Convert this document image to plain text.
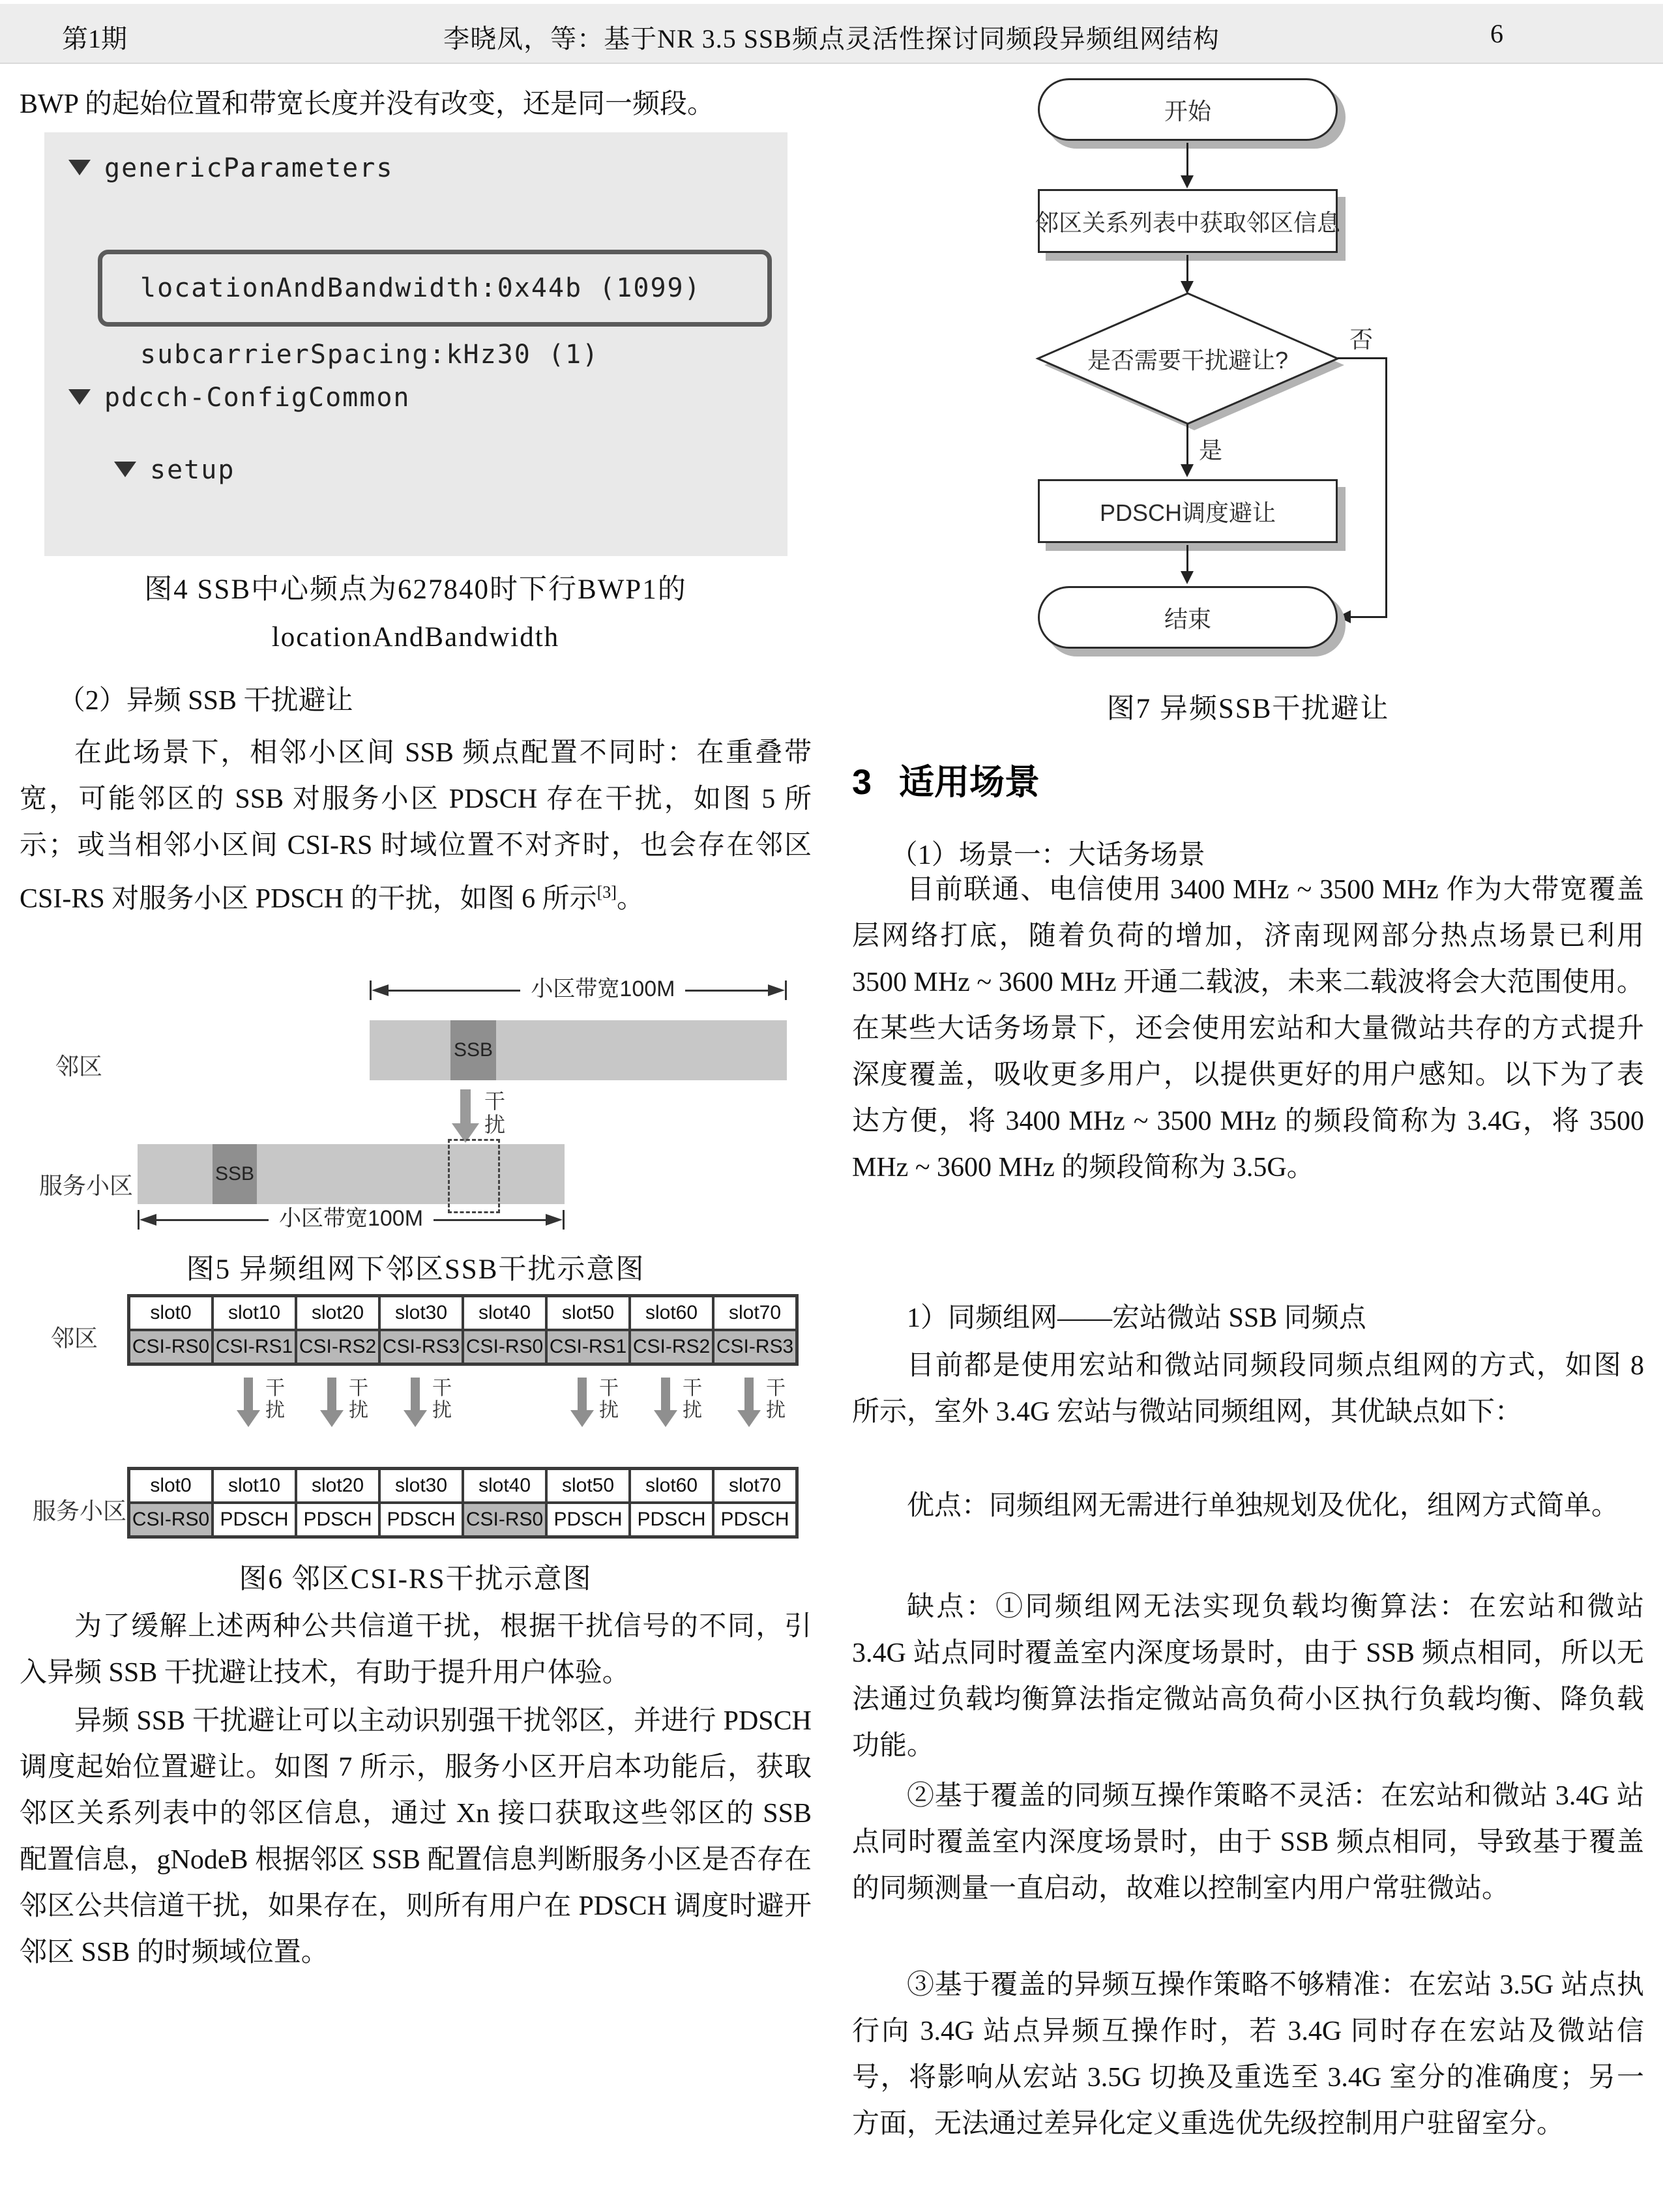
第1期	李晓凤，等：基于NR 3.5 SSB频点灵活性探讨同频段异频组网结构	6

BWP 的起始位置和带宽长度并没有改变，还是同一频段。

genericParameters
locationAndBandwidth:0x44b (1099)
subcarrierSpacing:kHz30 (1)
pdcch-ConfigCommon
setup
图4 SSB中心频点为627840时下行BWP1的
locationAndBandwidth

（2）异频 SSB 干扰避让

在此场景下，相邻小区间 SSB 频点配置不同时：在重叠带宽，可能邻区的 SSB 对服务小区 PDSCH 存在干扰，如图 5 所示；或当相邻小区间 CSI-RS 时域位置不对齐时，也会存在邻区 CSI-RS 对服务小区 PDSCH 的干扰，如图 6 所示[3]。

小区带宽100M
邻区
SSB
干
扰
服务小区	SSB
小区带宽100M
图5 异频组网下邻区SSB干扰示意图
邻区
slot0	slot10	slot20	slot30	slot40	slot50	slot60	slot70
CSI-RS0 CSI-RS1 CSI-RS2 CSI-RS3 CSI-RS0 CSI-RS1 CSI-RS2 CSI-RS3
干
扰
干
扰
干
扰
干
扰
干
扰
干
扰
服务小区
slot0	slot10	slot20	slot30	slot40	slot50	slot60	slot70
CSI-RS0 PDSCH PDSCH PDSCH CSI-RS0 PDSCH PDSCH PDSCH
图6 邻区CSI-RS干扰示意图

为了缓解上述两种公共信道干扰，根据干扰信号的不同，引入异频 SSB 干扰避让技术，有助于提升用户体验。

异频 SSB 干扰避让可以主动识别强干扰邻区，并进行 PDSCH 调度起始位置避让。如图 7 所示，服务小区开启本功能后，获取邻区关系列表中的邻区信息，通过 Xn 接口获取这些邻区的 SSB 配置信息，gNodeB 根据邻区 SSB 配置信息判断服务小区是否存在邻区公共信道干扰，如果存在，则所有用户在 PDSCH 调度时避开邻区 SSB 的时频域位置。

开始
邻区关系列表中获取邻区信息
是否需要干扰避让?
否
是
PDSCH调度避让
结束
图7 异频SSB干扰避让
3 适用场景

（1）场景一：大话务场景

目前联通、电信使用 3400 MHz ~ 3500 MHz 作为大带宽覆盖层网络打底，随着负荷的增加，济南现网部分热点场景已利用 3500 MHz ~ 3600 MHz 开通二载波，未来二载波将会大范围使用。在某些大话务场景下，还会使用宏站和大量微站共存的方式提升深度覆盖，吸收更多用户，以提供更好的用户感知。以下为了表达方便，将 3400 MHz ~ 3500 MHz 的频段简称为 3.4G，将 3500 MHz ~ 3600 MHz 的频段简称为 3.5G。

1）同频组网——宏站微站 SSB 同频点

目前都是使用宏站和微站同频段同频点组网的方式，如图 8 所示，室外 3.4G 宏站与微站同频组网，其优缺点如下：

优点：同频组网无需进行单独规划及优化，组网方式简单。

缺点：①同频组网无法实现负载均衡算法：在宏站和微站 3.4G 站点同时覆盖室内深度场景时，由于 SSB 频点相同，所以无法通过负载均衡算法指定微站高负荷小区执行负载均衡、降负载功能。

②基于覆盖的同频互操作策略不灵活：在宏站和微站 3.4G 站点同时覆盖室内深度场景时，由于 SSB 频点相同，导致基于覆盖的同频测量一直启动，故难以控制室内用户常驻微站。

③基于覆盖的异频互操作策略不够精准：在宏站 3.5G 站点执行向 3.4G 站点异频互操作时，若 3.4G 同时存在宏站及微站信号，将影响从宏站 3.5G 切换及重选至 3.4G 室分的准确度；另一方面，无法通过差异化定义重选优先级控制用户驻留室分。
